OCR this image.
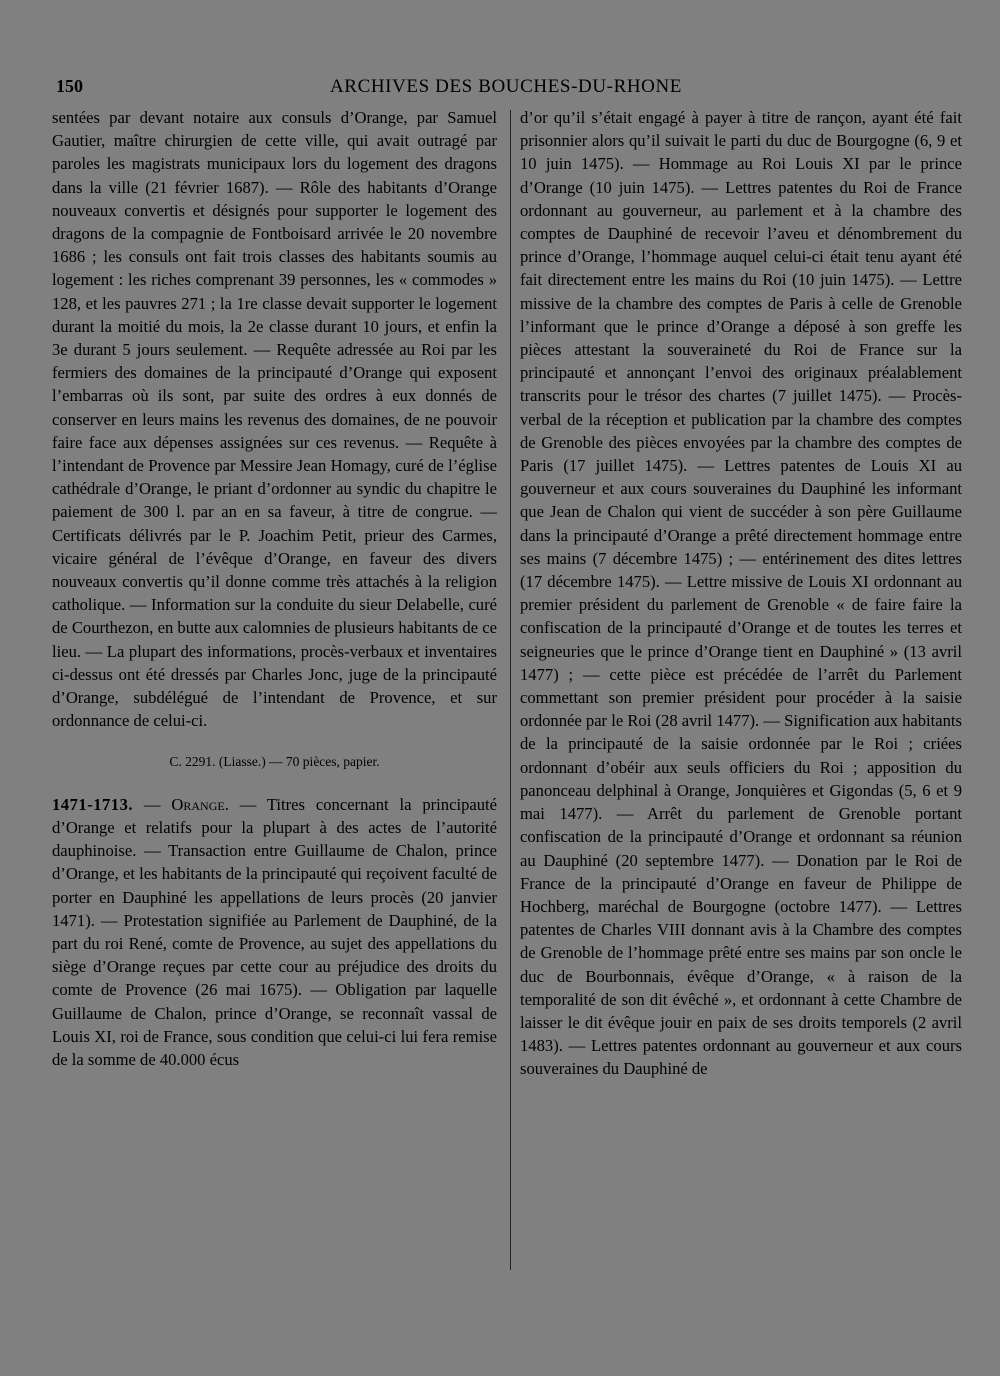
150	ARCHIVES DES BOUCHES-DU-RHONE

sentées par devant notaire aux consuls d’Orange, par Samuel Gautier, maître chirurgien de cette ville, qui avait outragé par paroles les magistrats municipaux lors du logement des dragons dans la ville (21 février 1687). — Rôle des habitants d’Orange nouveaux convertis et désignés pour supporter le logement des dragons de la compagnie de Fontboisard arrivée le 20 novembre 1686 ; les consuls ont fait trois classes des habitants soumis au logement : les riches comprenant 39 personnes, les « commodes » 128, et les pauvres 271 ; la 1re classe devait supporter le logement durant la moitié du mois, la 2e classe durant 10 jours, et enfin la 3e durant 5 jours seulement. — Requête adressée au Roi par les fermiers des domaines de la principauté d’Orange qui exposent l’embarras où ils sont, par suite des ordres à eux donnés de conserver en leurs mains les revenus des domaines, de ne pouvoir faire face aux dépenses assignées sur ces revenus. — Requête à l’intendant de Provence par Messire Jean Homagy, curé de l’église cathédrale d’Orange, le priant d’ordonner au syndic du chapitre le paiement de 300 l. par an en sa faveur, à titre de congrue. — Certificats délivrés par le P. Joachim Petit, prieur des Carmes, vicaire général de l’évêque d’Orange, en faveur des divers nouveaux convertis qu’il donne comme très attachés à la religion catholique. — Information sur la conduite du sieur Delabelle, curé de Courthezon, en butte aux calomnies de plusieurs habitants de ce lieu. — La plupart des informations, procès-verbaux et inventaires ci-dessus ont été dressés par Charles Jonc, juge de la principauté d’Orange, subdélégué de l’intendant de Provence, et sur ordonnance de celui-ci.

C. 2291. (Liasse.) — 70 pièces, papier.

1471-1713. — Orange. — Titres concernant la principauté d’Orange et relatifs pour la plupart à des actes de l’autorité dauphinoise. — Transaction entre Guillaume de Chalon, prince d’Orange, et les habitants de la principauté qui reçoivent faculté de porter en Dauphiné les appellations de leurs procès (20 janvier 1471). — Protestation signifiée au Parlement de Dauphiné, de la part du roi René, comte de Provence, au sujet des appellations du siège d’Orange reçues par cette cour au préjudice des droits du comte de Provence (26 mai 1675). — Obligation par laquelle Guillaume de Chalon, prince d’Orange, se reconnaît vassal de Louis XI, roi de France, sous condition que celui-ci lui fera remise de la somme de 40.000 écus

d’or qu’il s’était engagé à payer à titre de rançon, ayant été fait prisonnier alors qu’il suivait le parti du duc de Bourgogne (6, 9 et 10 juin 1475). — Hommage au Roi Louis XI par le prince d’Orange (10 juin 1475). — Lettres patentes du Roi de France ordonnant au gouverneur, au parlement et à la chambre des comptes de Dauphiné de recevoir l’aveu et dénombrement du prince d’Orange, l’hommage auquel celui-ci était tenu ayant été fait directement entre les mains du Roi (10 juin 1475). — Lettre missive de la chambre des comptes de Paris à celle de Grenoble l’informant que le prince d’Orange a déposé à son greffe les pièces attestant la souveraineté du Roi de France sur la principauté et annonçant l’envoi des originaux préalablement transcrits pour le trésor des chartes (7 juillet 1475). — Procès-verbal de la réception et publication par la chambre des comptes de Grenoble des pièces envoyées par la chambre des comptes de Paris (17 juillet 1475). — Lettres patentes de Louis XI au gouverneur et aux cours souveraines du Dauphiné les informant que Jean de Chalon qui vient de succéder à son père Guillaume dans la principauté d’Orange a prêté directement hommage entre ses mains (7 décembre 1475) ; — entérinement des dites lettres (17 décembre 1475). — Lettre missive de Louis XI ordonnant au premier président du parlement de Grenoble « de faire faire la confiscation de la principauté d’Orange et de toutes les terres et seigneuries que le prince d’Orange tient en Dauphiné » (13 avril 1477) ; — cette pièce est précédée de l’arrêt du Parlement commettant son premier président pour procéder à la saisie ordonnée par le Roi (28 avril 1477). — Signification aux habitants de la principauté de la saisie ordonnée par le Roi ; criées ordonnant d’obéir aux seuls officiers du Roi ; apposition du panonceau delphinal à Orange, Jonquières et Gigondas (5, 6 et 9 mai 1477). — Arrêt du parlement de Grenoble portant confiscation de la principauté d’Orange et ordonnant sa réunion au Dauphiné (20 septembre 1477). — Donation par le Roi de France de la principauté d’Orange en faveur de Philippe de Hochberg, maréchal de Bourgogne (octobre 1477). — Lettres patentes de Charles VIII donnant avis à la Chambre des comptes de Grenoble de l’hommage prêté entre ses mains par son oncle le duc de Bourbonnais, évêque d’Orange, « à raison de la temporalité de son dit évêché », et ordonnant à cette Chambre de laisser le dit évêque jouir en paix de ses droits temporels (2 avril 1483). — Lettres patentes ordonnant au gouverneur et aux cours souveraines du Dauphiné de
